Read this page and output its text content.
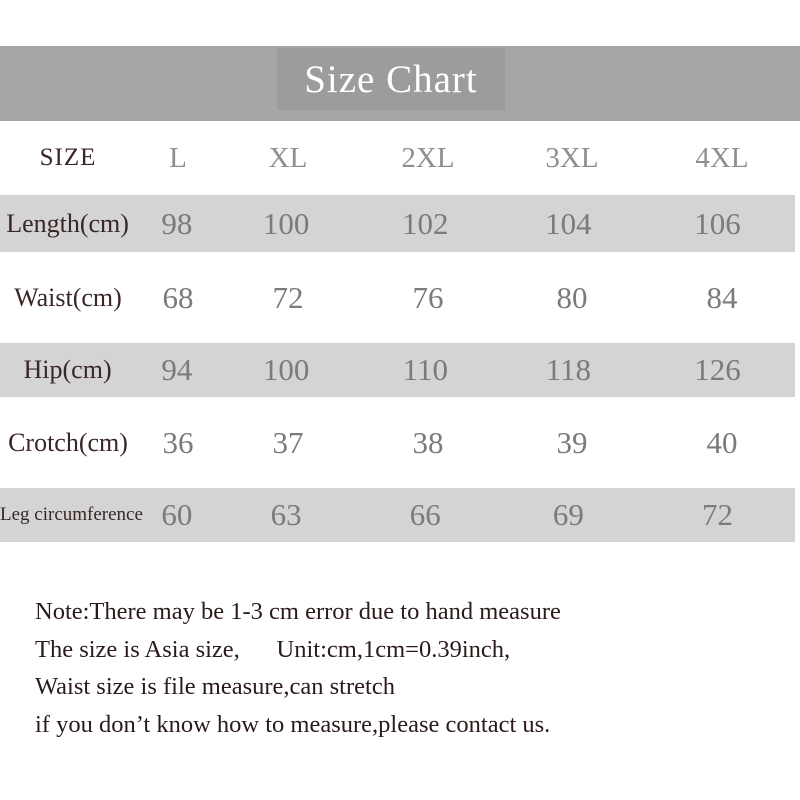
Size Chart
SIZE	L	XL	2XL	3XL	4XL
Length(cm)	98	100	102	104	106
Waist(cm)	68	72	76	80	84
Hip(cm)	94	100	110	118	126
Crotch(cm)	36	37	38	39	40
Leg circumference 60	63	66	69	72

Note:There may be 1-3 cm error due to hand measure

The size is Asia size,      Unit:cm,1cm=0.39inch,

Waist size is file measure,can stretch

if you don’t know how to measure,please contact us.
